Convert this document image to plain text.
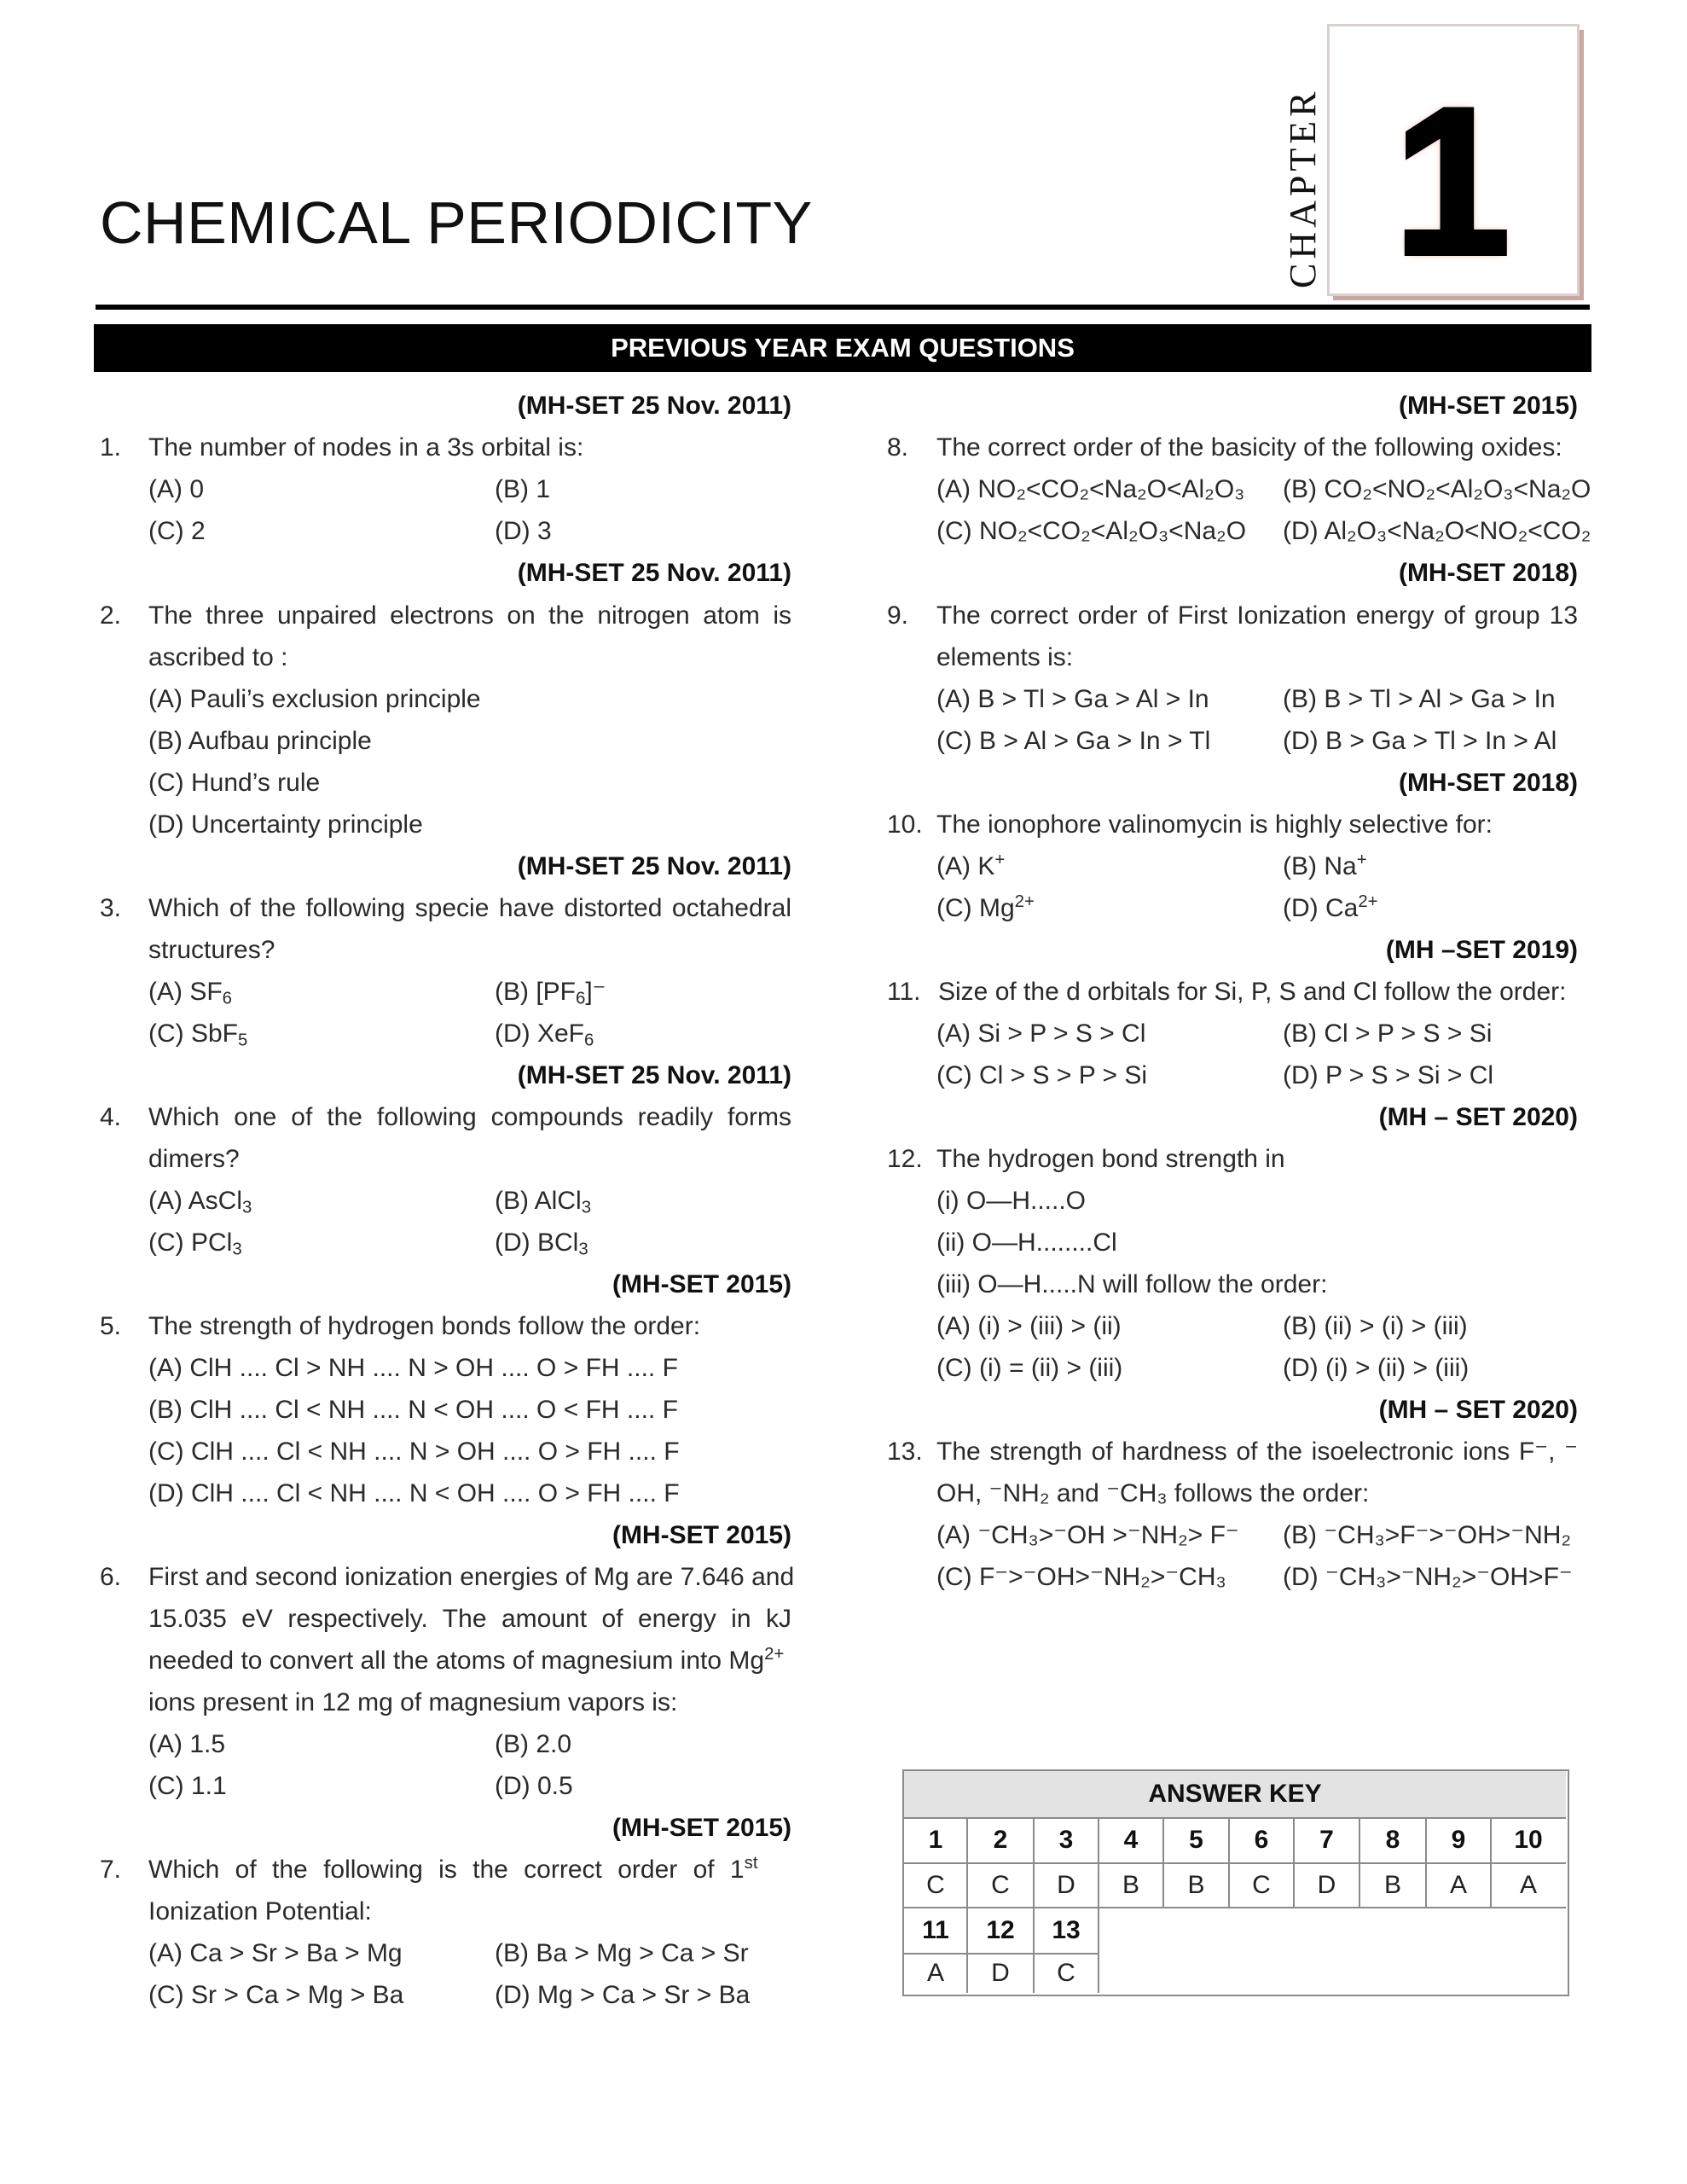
CHEMICAL PERIODICITY	CHAPTER 1
PREVIOUS YEAR EXAM QUESTIONS
(MH-SET 25 Nov. 2011)
1. The number of nodes in a 3s orbital is:
(A) 0	(B) 1
(C) 2	(D) 3
(MH-SET 25 Nov. 2011)
2. The three unpaired electrons on the nitrogen atom is
ascribed to :
(A) Pauli’s exclusion principle
(B) Aufbau principle
(C) Hund’s rule
(D) Uncertainty principle
(MH-SET 25 Nov. 2011)
3. Which of the following specie have distorted octahedral
structures?
(A) $SF_6$	(B) $[PF_6]^-$
(C) SbF$_5$	(D) XeF$_6$
(MH-SET 25 Nov. 2011)
4. Which one of the following compounds readily forms
dimers?
(A) AsCl$_3$	(B) AlCl$_3$
(C) PCl$_3$	(D) BCl$_3$
(MH-SET 2015)
5. The strength of hydrogen bonds follow the order:
(A) ClH .... Cl > NH .... N > OH .... O > FH .... F
(B) ClH .... Cl < NH .... N < OH .... O < FH .... F
(C) ClH .... Cl < NH .... N > OH .... O > FH .... F
(D) ClH .... Cl < NH .... N < OH .... O > FH .... F
(MH-SET 2015)
6. First and second ionization energies of Mg are 7.646 and
15.035 eV respectively. The amount of energy in kJ
needed to convert all the atoms of magnesium into $Mg^{2+}$
ions present in 12 mg of magnesium vapors is:
(A) 1.5	(B) 2.0
(C) 1.1	(D) 0.5
(MH-SET 2015)
7. Which of the following is the correct order of 1st
Ionization Potential:
(A) Ca > Sr > Ba > Mg	(B) Ba > Mg > Ca > Sr
(C) Sr > Ca > Mg > Ba	(D) Mg > Ca > Sr > Ba
(MH-SET 2015)
8. The correct order of the basicity of the following oxides:
(A) NO₂<CO₂<Na₂O<Al₂O₃ (B) CO₂<NO₂<Al₂O₃<Na₂O
(C) NO₂<CO₂<Al₂O₃<Na₂O (D) Al₂O₃<Na₂O<NO₂<CO₂
(MH-SET 2018)
9. The correct order of First Ionization energy of group 13
elements is:
(A) B > Tl > Ga > Al > In	(B) B > Tl > Al > Ga > In
(C) B > Al > Ga > In > Tl	(D) B > Ga > Tl > In > Al
(MH-SET 2018)
10. The ionophore valinomycin is highly selective for:
(A) K+	(B) Na+
(C) $Mg^{2+}$	(D) $Ca^{2+}$
(MH –SET 2019)
11. Size of the d orbitals for Si, P, S and Cl follow the order:
(A) Si > P > S > Cl	(B) Cl > P > S > Si
(C) Cl > S > P > Si	(D) P > S > Si > Cl
(MH – SET 2020)
12. The hydrogen bond strength in
(i) O—H.....O
(ii) O—H........Cl
(iii) O—H.....N will follow the order:
(A) (i) > (iii) > (ii)	(B) (ii) > (i) > (iii)
(C) (i) = (ii) > (iii)	(D) (i) > (ii) > (iii)
(MH – SET 2020)
13. The strength of hardness of the isoelectronic ions F⁻, ⁻
OH, ⁻NH₂ and ⁻CH₃ follows the order:
(A) ⁻CH₃>⁻OH >⁻NH₂> F⁻ (B) ⁻CH₃>F⁻>⁻OH>⁻NH₂
(C) F⁻>⁻OH>⁻NH₂>⁻CH₃ (D) ⁻CH₃>⁻NH₂>⁻OH>F⁻
ANSWER KEY
1	2	3	4	5	6	7	8	9	10
C	C	D	B	B	C	D	B	A	A
11	12	13
A	D	C
